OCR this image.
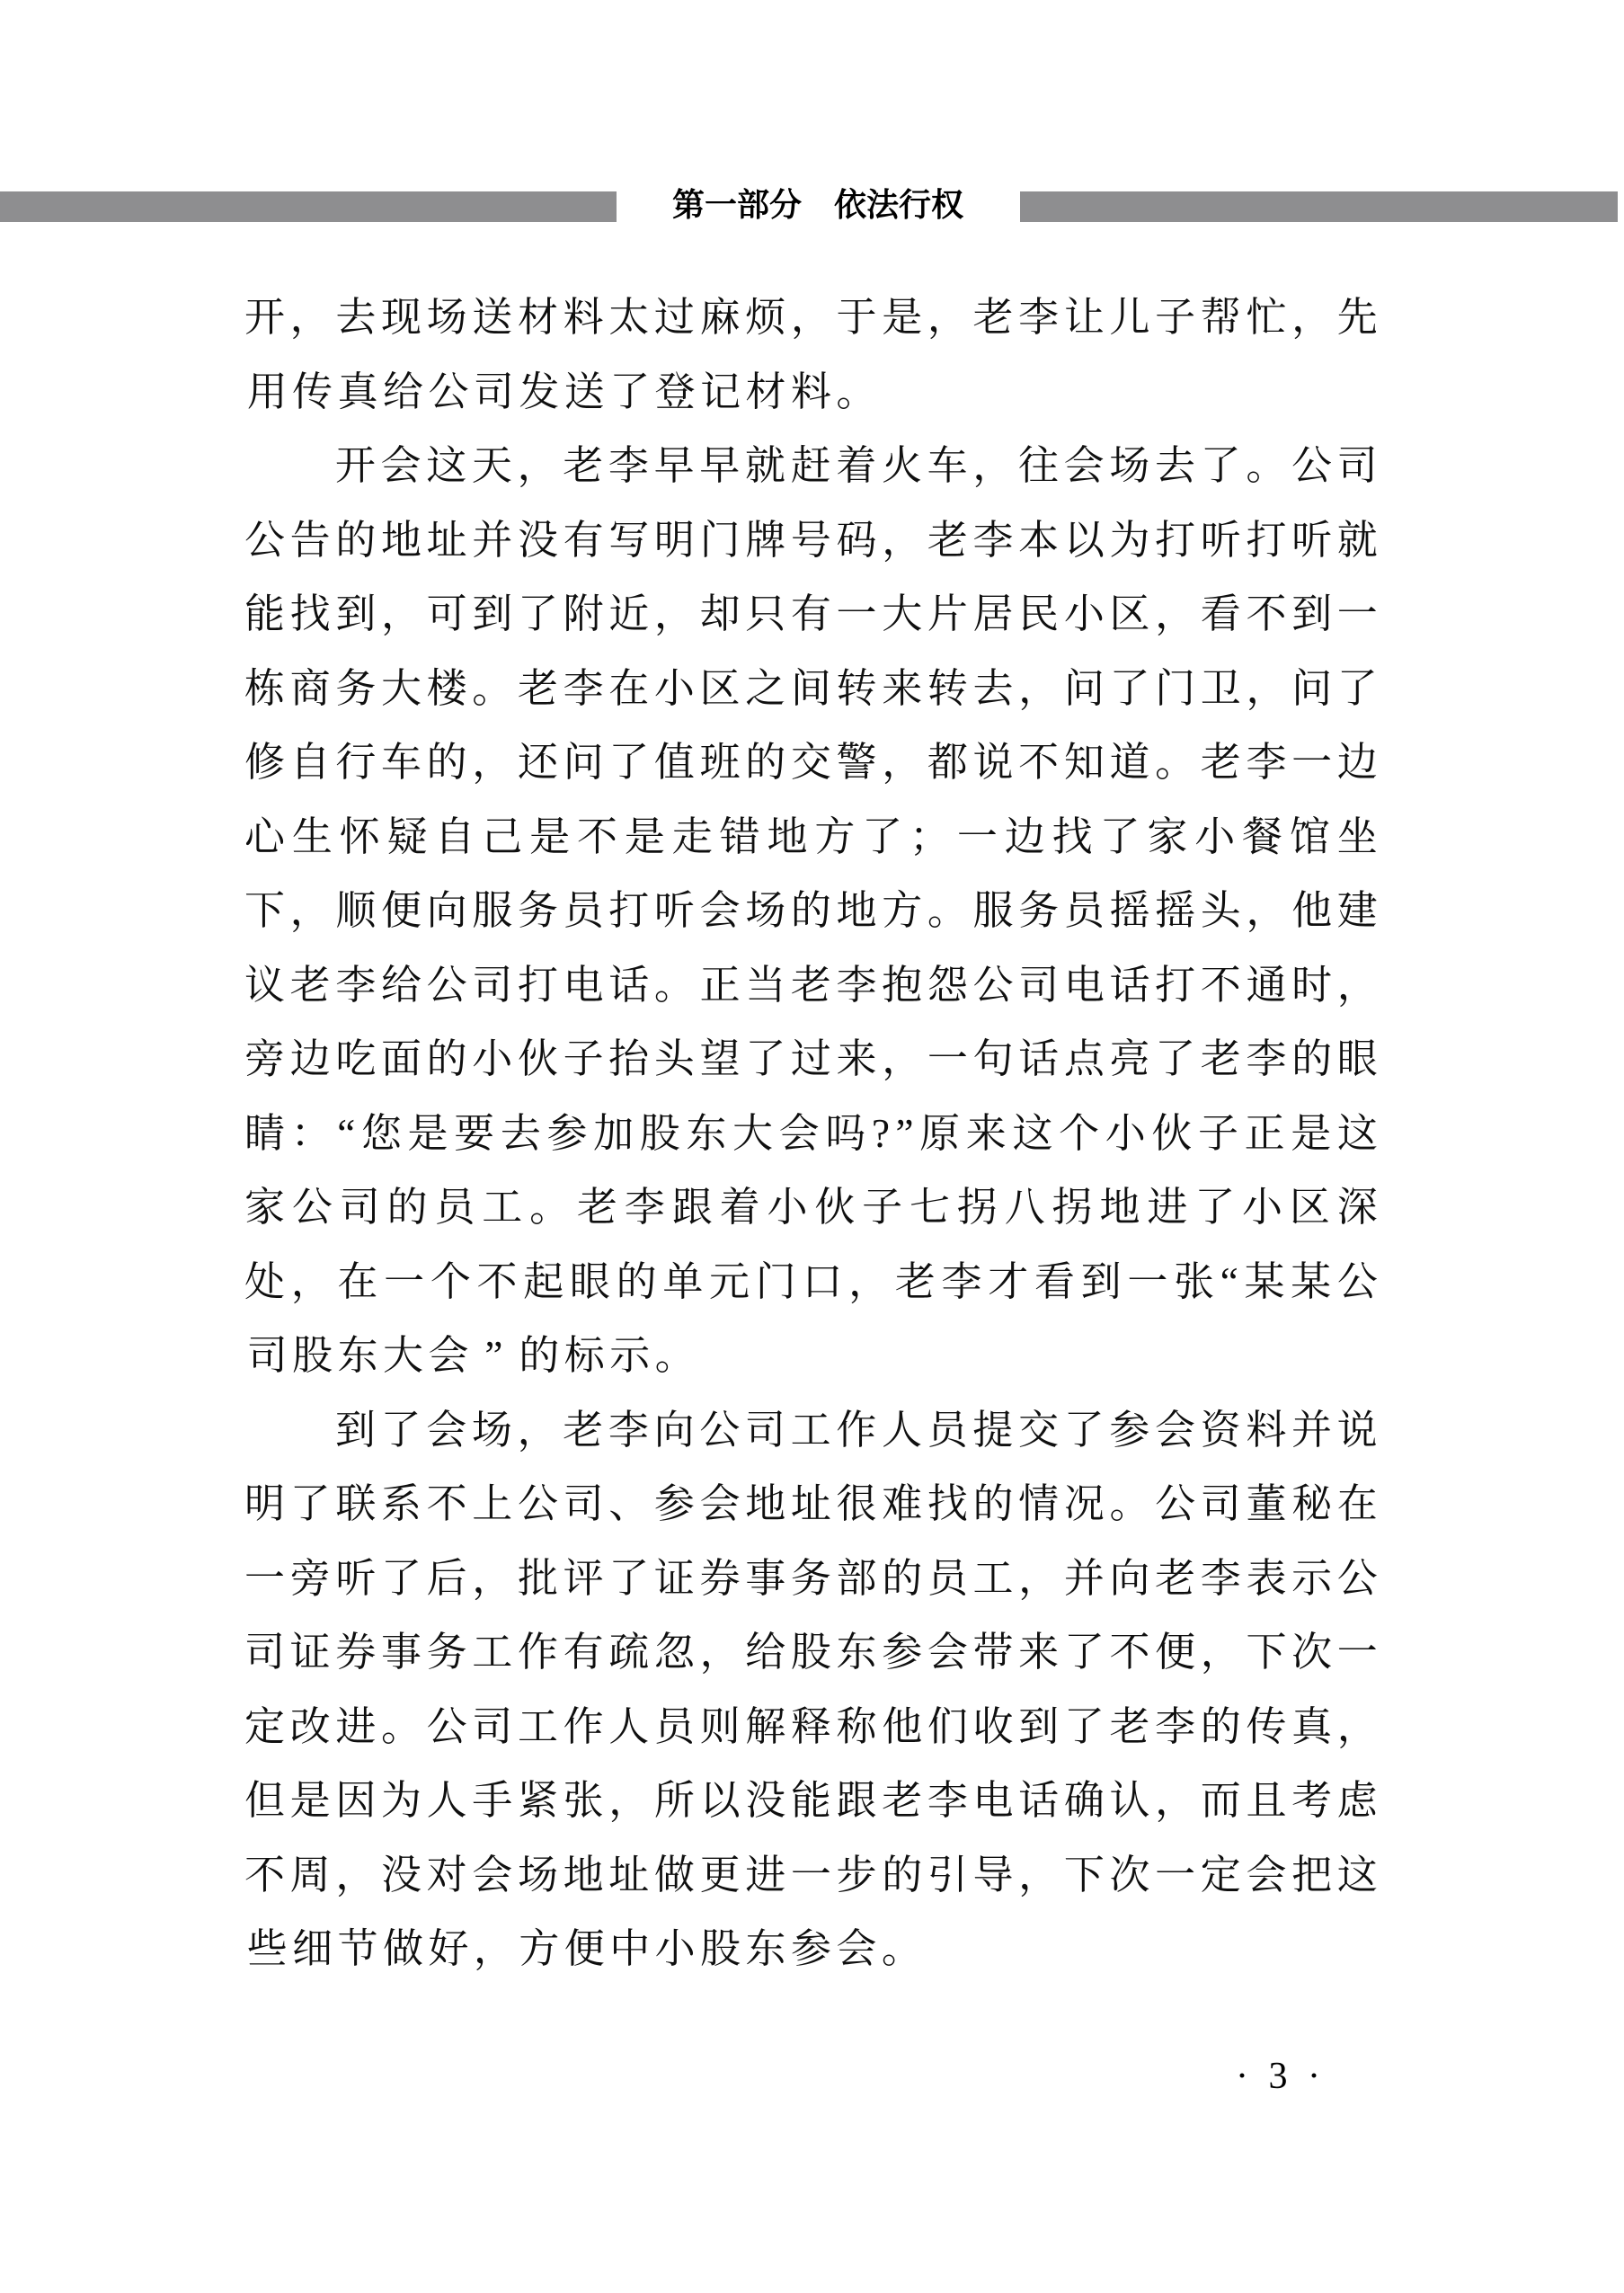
第一部分　依法行权
开 ， 去 现 场 送 材 料 太 过 麻 烦 ， 于 是 ， 老 李 让 儿 子 帮 忙 ， 先
用 传 真 给 公 司 发 送 了 登 记 材 料 。
开 会 这 天 ， 老 李 早 早 就 赶 着 火 车 ， 往 会 场 去 了 。 公 司
公 告 的 地 址 并 没 有 写 明 门 牌 号 码 ， 老 李 本 以 为 打 听 打 听 就
能 找 到 ， 可 到 了 附 近 ， 却 只 有 一 大 片 居 民 小 区 ， 看 不 到 一
栋 商 务 大 楼 。 老 李 在 小 区 之 间 转 来 转 去 ， 问 了 门 卫 ， 问 了
修 自 行 车 的 ， 还 问 了 值 班 的 交 警 ， 都 说 不 知 道 。 老 李 一 边
心 生 怀 疑 自 己 是 不 是 走 错 地 方 了 ； 一 边 找 了 家 小 餐 馆 坐
下 ， 顺 便 向 服 务 员 打 听 会 场 的 地 方 。 服 务 员 摇 摇 头 ， 他 建
议 老 李 给 公 司 打 电 话 。 正 当 老 李 抱 怨 公 司 电 话 打 不 通 时 ，
旁 边 吃 面 的 小 伙 子 抬 头 望 了 过 来 ， 一 句 话 点 亮 了 老 李 的 眼
睛 ： “ 您 是 要 去 参 加 股 东 大 会 吗 ? ” 原 来 这 个 小 伙 子 正 是 这
家 公 司 的 员 工 。 老 李 跟 着 小 伙 子 七 拐 八 拐 地 进 了 小 区 深
处 ， 在 一 个 不 起 眼 的 单 元 门 口 ， 老 李 才 看 到 一 张 “ 某 某 公
司 股 东 大 会 ” 的 标 示 。
到 了 会 场 ， 老 李 向 公 司 工 作 人 员 提 交 了 参 会 资 料 并 说
明 了 联 系 不 上 公 司 、 参 会 地 址 很 难 找 的 情 况 。 公 司 董 秘 在
一 旁 听 了 后 ， 批 评 了 证 券 事 务 部 的 员 工 ， 并 向 老 李 表 示 公
司 证 券 事 务 工 作 有 疏 忽 ， 给 股 东 参 会 带 来 了 不 便 ， 下 次 一
定 改 进 。 公 司 工 作 人 员 则 解 释 称 他 们 收 到 了 老 李 的 传 真 ，
但 是 因 为 人 手 紧 张 ， 所 以 没 能 跟 老 李 电 话 确 认 ， 而 且 考 虑
不 周 ， 没 对 会 场 地 址 做 更 进 一 步 的 引 导 ， 下 次 一 定 会 把 这
些 细 节 做 好 ， 方 便 中 小 股 东 参 会 。
· 3 ·
